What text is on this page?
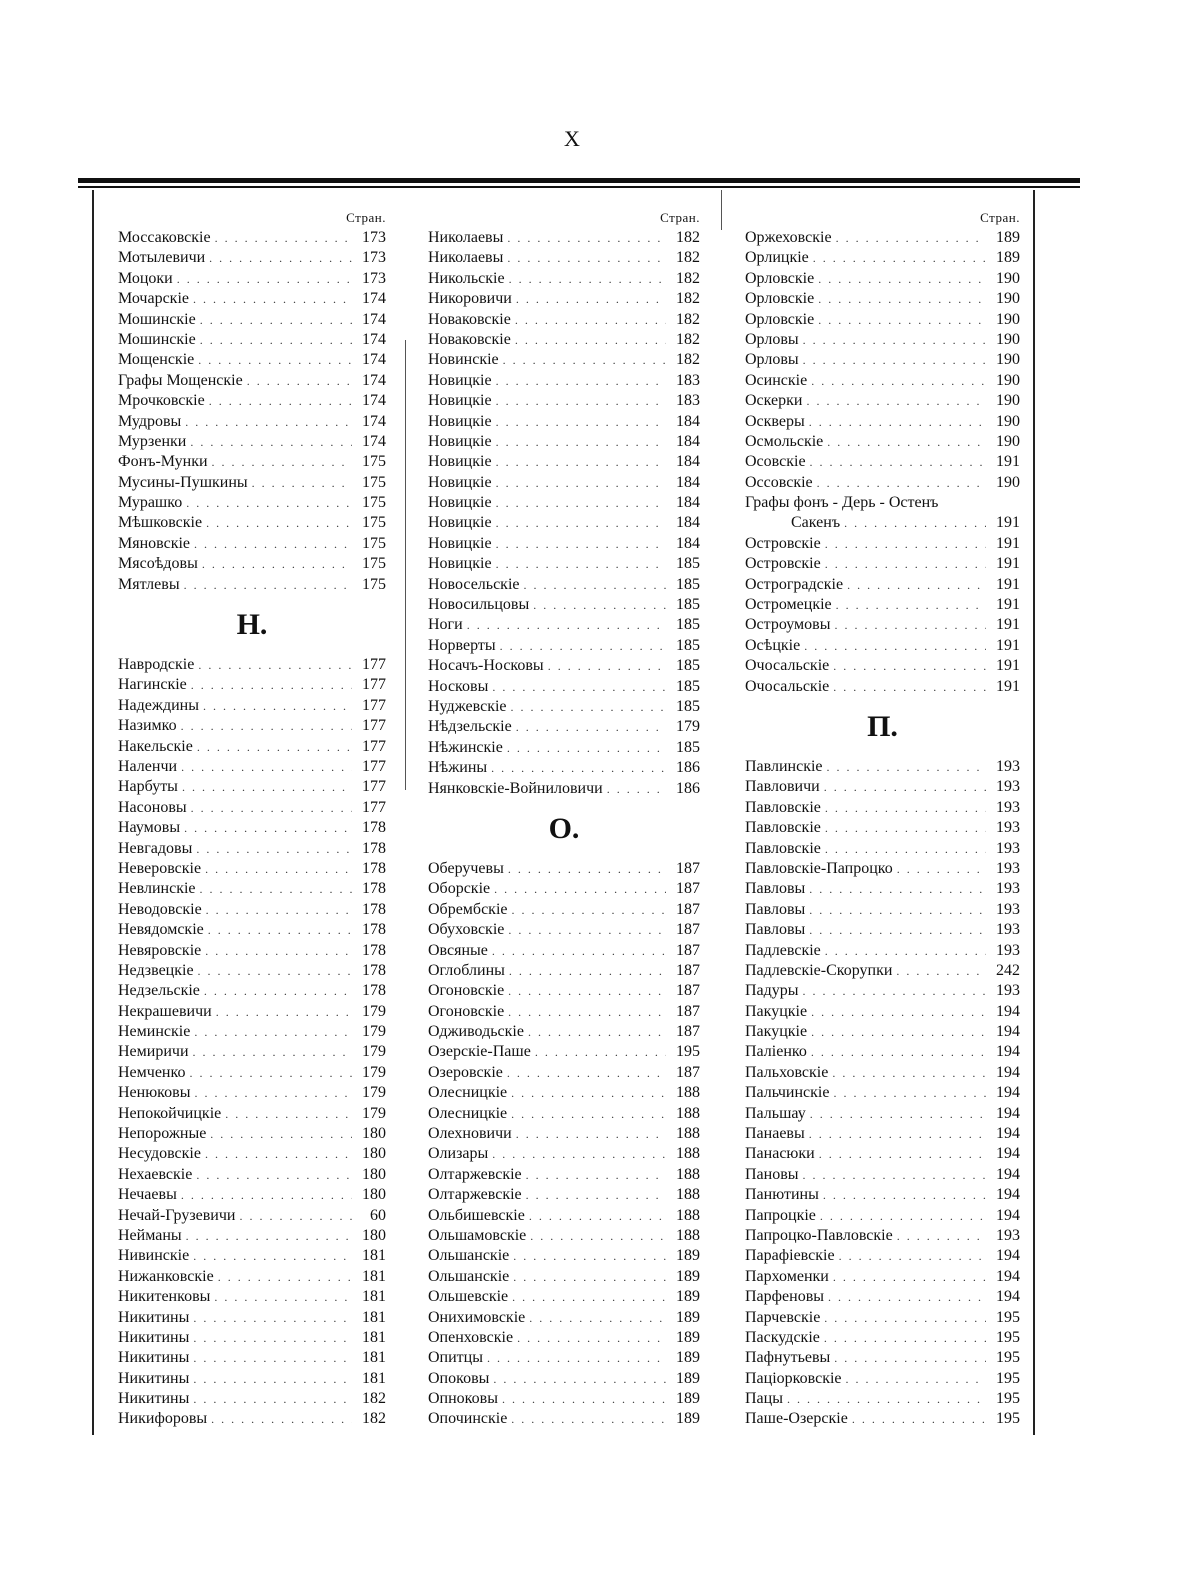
X
Стран.
Моссаковскіе . . .	173
Мотылевичи . . .	173
Моцоки . . .	173
Мочарскіе . . .	174
Мошинскіе . . .	174
Мошинскіе . . .	174
Мощенскіе . . .	174
Графы Мощенскіе . . .	174
Мрочковскіе . . .	174
Мудровы . . .	174
Мурзенки . . .	174
Фонъ-Мунки . . .	175
Мусины-Пушкины . . .	175
Мурашко . . .	175
Мѣшковскіе . . .	175
Мяновскіе . . .	175
Мясоѣдовы . . .	175
Мятлевы . . .	175
Н.
Навродскіе . . .	177
Нагинскіе . . .	177
Надеждины . . .	177
Назимко . . .	177
Накельскіе . . .	177
Наленчи . . .	177
Нарбуты . . .	177
Насоновы . . .	177
Наумовы . . .	178
Невгадовы . . .	178
Неверовскіе . . .	178
Невлинскіе . . .	178
Неводовскіе . . .	178
Невядомскіе . . .	178
Невяровскіе . . .	178
Недзвецкіе . . .	178
Недзельскіе . . .	178
Некрашевичи . . .	179
Неминскіе . . .	179
Немиричи . . .	179
Немченко . . .	179
Ненюковы . . .	179
Непокойчицкіе . . .	179
Непорожные . . .	180
Несудовскіе . . .	180
Нехаевскіе . . .	180
Нечаевы . . .	180
Нечай-Грузевичи . . .	60
Нейманы . . .	180
Нивинскіе . . .	181
Нижанковскіе . . .	181
Никитенковы . . .	181
Никитины . . .	181
Никитины . . .	181
Никитины . . .	181
Никитины . . .	181
Никитины . . .	182
Никифоровы . . .	182
Стран.
Николаевы . . .	182
Николаевы . . .	182
Никольскіе . . .	182
Никоровичи . . .	182
Новаковскіе . . .	182
Новаковскіе . . .	182
Новинскіе . . .	182
Новицкіе . . .	183
Новицкіе . . .	183
Новицкіе . . .	184
Новицкіе . . .	184
Новицкіе . . .	184
Новицкіе . . .	184
Новицкіе . . .	184
Новицкіе . . .	184
Новицкіе . . .	184
Новицкіе . . .	185
Новосельскіе . . .	185
Новосильцовы . . .	185
Ноги . . .	185
Норверты . . .	185
Носачъ-Носковы . . .	185
Носковы . . .	185
Нуджевскіе . . .	185
Нѣдзельскіе . . .	179
Нѣжинскіе . . .	185
Нѣжины . . .	186
Нянковскіе-Войниловичи . . .	186
О.
Оберучевы . . .	187
Оборскіе . . .	187
Обрембскіе . . .	187
Обуховскіе . . .	187
Овсяные . . .	187
Оглоблины . . .	187
Огоновскіе . . .	187
Огоновскіе . . .	187
Одживодьскіе . . .	187
Озерскіе-Паше . . .	195
Озеровскіе . . .	187
Олесницкіе . . .	188
Олесницкіе . . .	188
Олехновичи . . .	188
Олизары . . .	188
Олтаржевскіе . . .	188
Олтаржевскіе . . .	188
Ольбишевскіе . . .	188
Ольшамовскіе . . .	188
Ольшанскіе . . .	189
Ольшанскіе . . .	189
Ольшевскіе . . .	189
Онихимовскіе . . .	189
Опенховскіе . . .	189
Опитцы . . .	189
Опоковы . . .	189
Опноковы . . .	189
Опочинскіе . . .	189
Стран.
Оржеховскіе . . .	189
Орлицкіе . . .	189
Орловскіе . . .	190
Орловскіе . . .	190
Орловскіе . . .	190
Орловы . . .	190
Орловы . . .	190
Осинскіе . . .	190
Оскерки . . .	190
Оскверы . . .	190
Осмольскіе . . .	190
Осовскіе . . .	191
Оссовскіе . . .	190
Графы фонъ - Дерь - Остенъ
Сакенъ . . .	191
Островскіе . . .	191
Островскіе . . .	191
Остроградскіе . . .	191
Остромецкіе . . .	191
Остроумовы . . .	191
Осѣцкіе . . .	191
Очосальскіе . . .	191
Очосальскіе . . .	191
П.
Павлинскіе . . .	193
Павловичи . . .	193
Павловскіе . . .	193
Павловскіе . . .	193
Павловскіе . . .	193
Павловскіе-Папроцко . . .	193
Павловы . . .	193
Павловы . . .	193
Павловы . . .	193
Падлевскіе . . .	193
Падлевскіе-Скорупки . . .	242
Падуры . . .	193
Пакуцкіе . . .	194
Пакуцкіе . . .	194
Паліенко . . .	194
Пальховскіе . . .	194
Пальчинскіе . . .	194
Пальшау . . .	194
Панаевы . . .	194
Панасюки . . .	194
Пановы . . .	194
Панютины . . .	194
Папроцкіе . . .	194
Папроцко-Павловскіе . . .	193
Парафіевскіе . . .	194
Пархоменки . . .	194
Парфеновы . . .	194
Парчевскіе . . .	195
Паскудскіе . . .	195
Пафнутьевы . . .	195
Пацiорковскіе . . .	195
Пацы . . .	195
Паше-Озерскіе . . .	195
